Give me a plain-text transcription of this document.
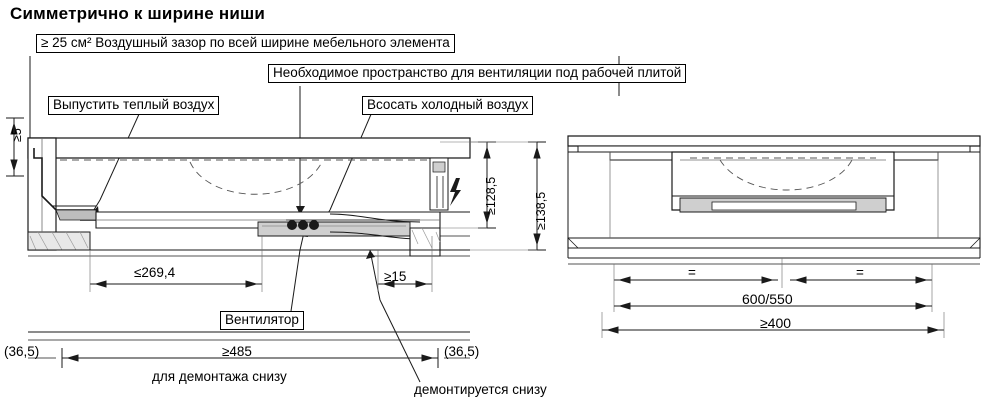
Симметрично к ширине ниши
≥ 25 см² Воздушный зазор по всей ширине мебельного элемента
Необходимое пространство для вентиляции под рабочей плитой
Выпустить теплый воздух	Всосать холодный воздух
Вентилятор
для демонтажа снизу
демонтируется снизу
≥5
≥128,5	≥138,5
≤269,4	≥15
(36,5)	(36,5)
≥485
=	=
600/550
≥400
